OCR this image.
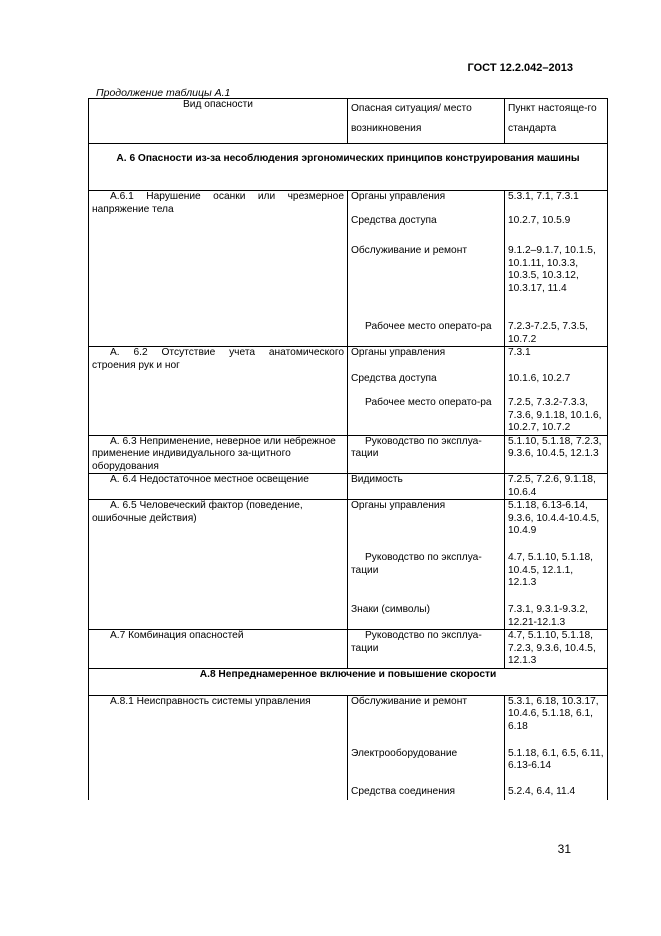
ГОСТ 12.2.042–2013
Продолжение таблицы А.1
Вид опасности	Опасная ситуация/ место возникновения	Пункт настояще-го стандарта
А. 6 Опасности из-за несоблюдения эргономических принципов конструирования машины		
А.6.1 Нарушение осанки или чрезмерное напряжение тела	Органы управления	5.3.1, 7.1, 7.3.1
	Средства доступа	10.2.7, 10.5.9
	Обслуживание и ремонт	9.1.2–9.1.7, 10.1.5, 10.1.11, 10.3.3, 10.3.5, 10.3.12, 10.3.17, 11.4
	Рабочее место операто-ра	7.2.3-7.2.5, 7.3.5, 10.7.2
А. 6.2 Отсутствие учета анатомического строения рук и ног	Органы управления	7.3.1
	Средства доступа	10.1.6, 10.2.7
	Рабочее место операто-ра	7.2.5, 7.3.2-7.3.3, 7.3.6, 9.1.18, 10.1.6, 10.2.7, 10.7.2
А. 6.3 Неприменение, неверное или небрежное применение индивидуального за-щитного оборудования	Руководство по эксплуа-тации	5.1.10, 5.1.18, 7.2.3, 9.3.6, 10.4.5, 12.1.3
А. 6.4 Недостаточное местное освещение	Видимость	7.2.5, 7.2.6, 9.1.18, 10.6.4
А. 6.5 Человеческий фактор (поведение, ошибочные действия)	Органы управления	5.1.18, 6.13-6.14, 9.3.6, 10.4.4-10.4.5, 10.4.9
	Руководство по эксплуа-тации	4.7, 5.1.10, 5.1.18, 10.4.5, 12.1.1, 12.1.3
	Знаки (символы)	7.3.1, 9.3.1-9.3.2, 12.21-12.1.3
А.7 Комбинация опасностей	Руководство по эксплуа-тации	4.7, 5.1.10, 5.1.18, 7.2.3, 9.3.6, 10.4.5, 12.1.3
А.8 Непреднамеренное включение и повышение скорости		
А.8.1 Неисправность системы управления	Обслуживание и ремонт	5.3.1, 6.18, 10.3.17, 10.4.6, 5.1.18, 6.1, 6.18
	Электрооборудование	5.1.18, 6.1, 6.5, 6.11, 6.13-6.14
	Средства соединения	5.2.4, 6.4, 11.4
31
